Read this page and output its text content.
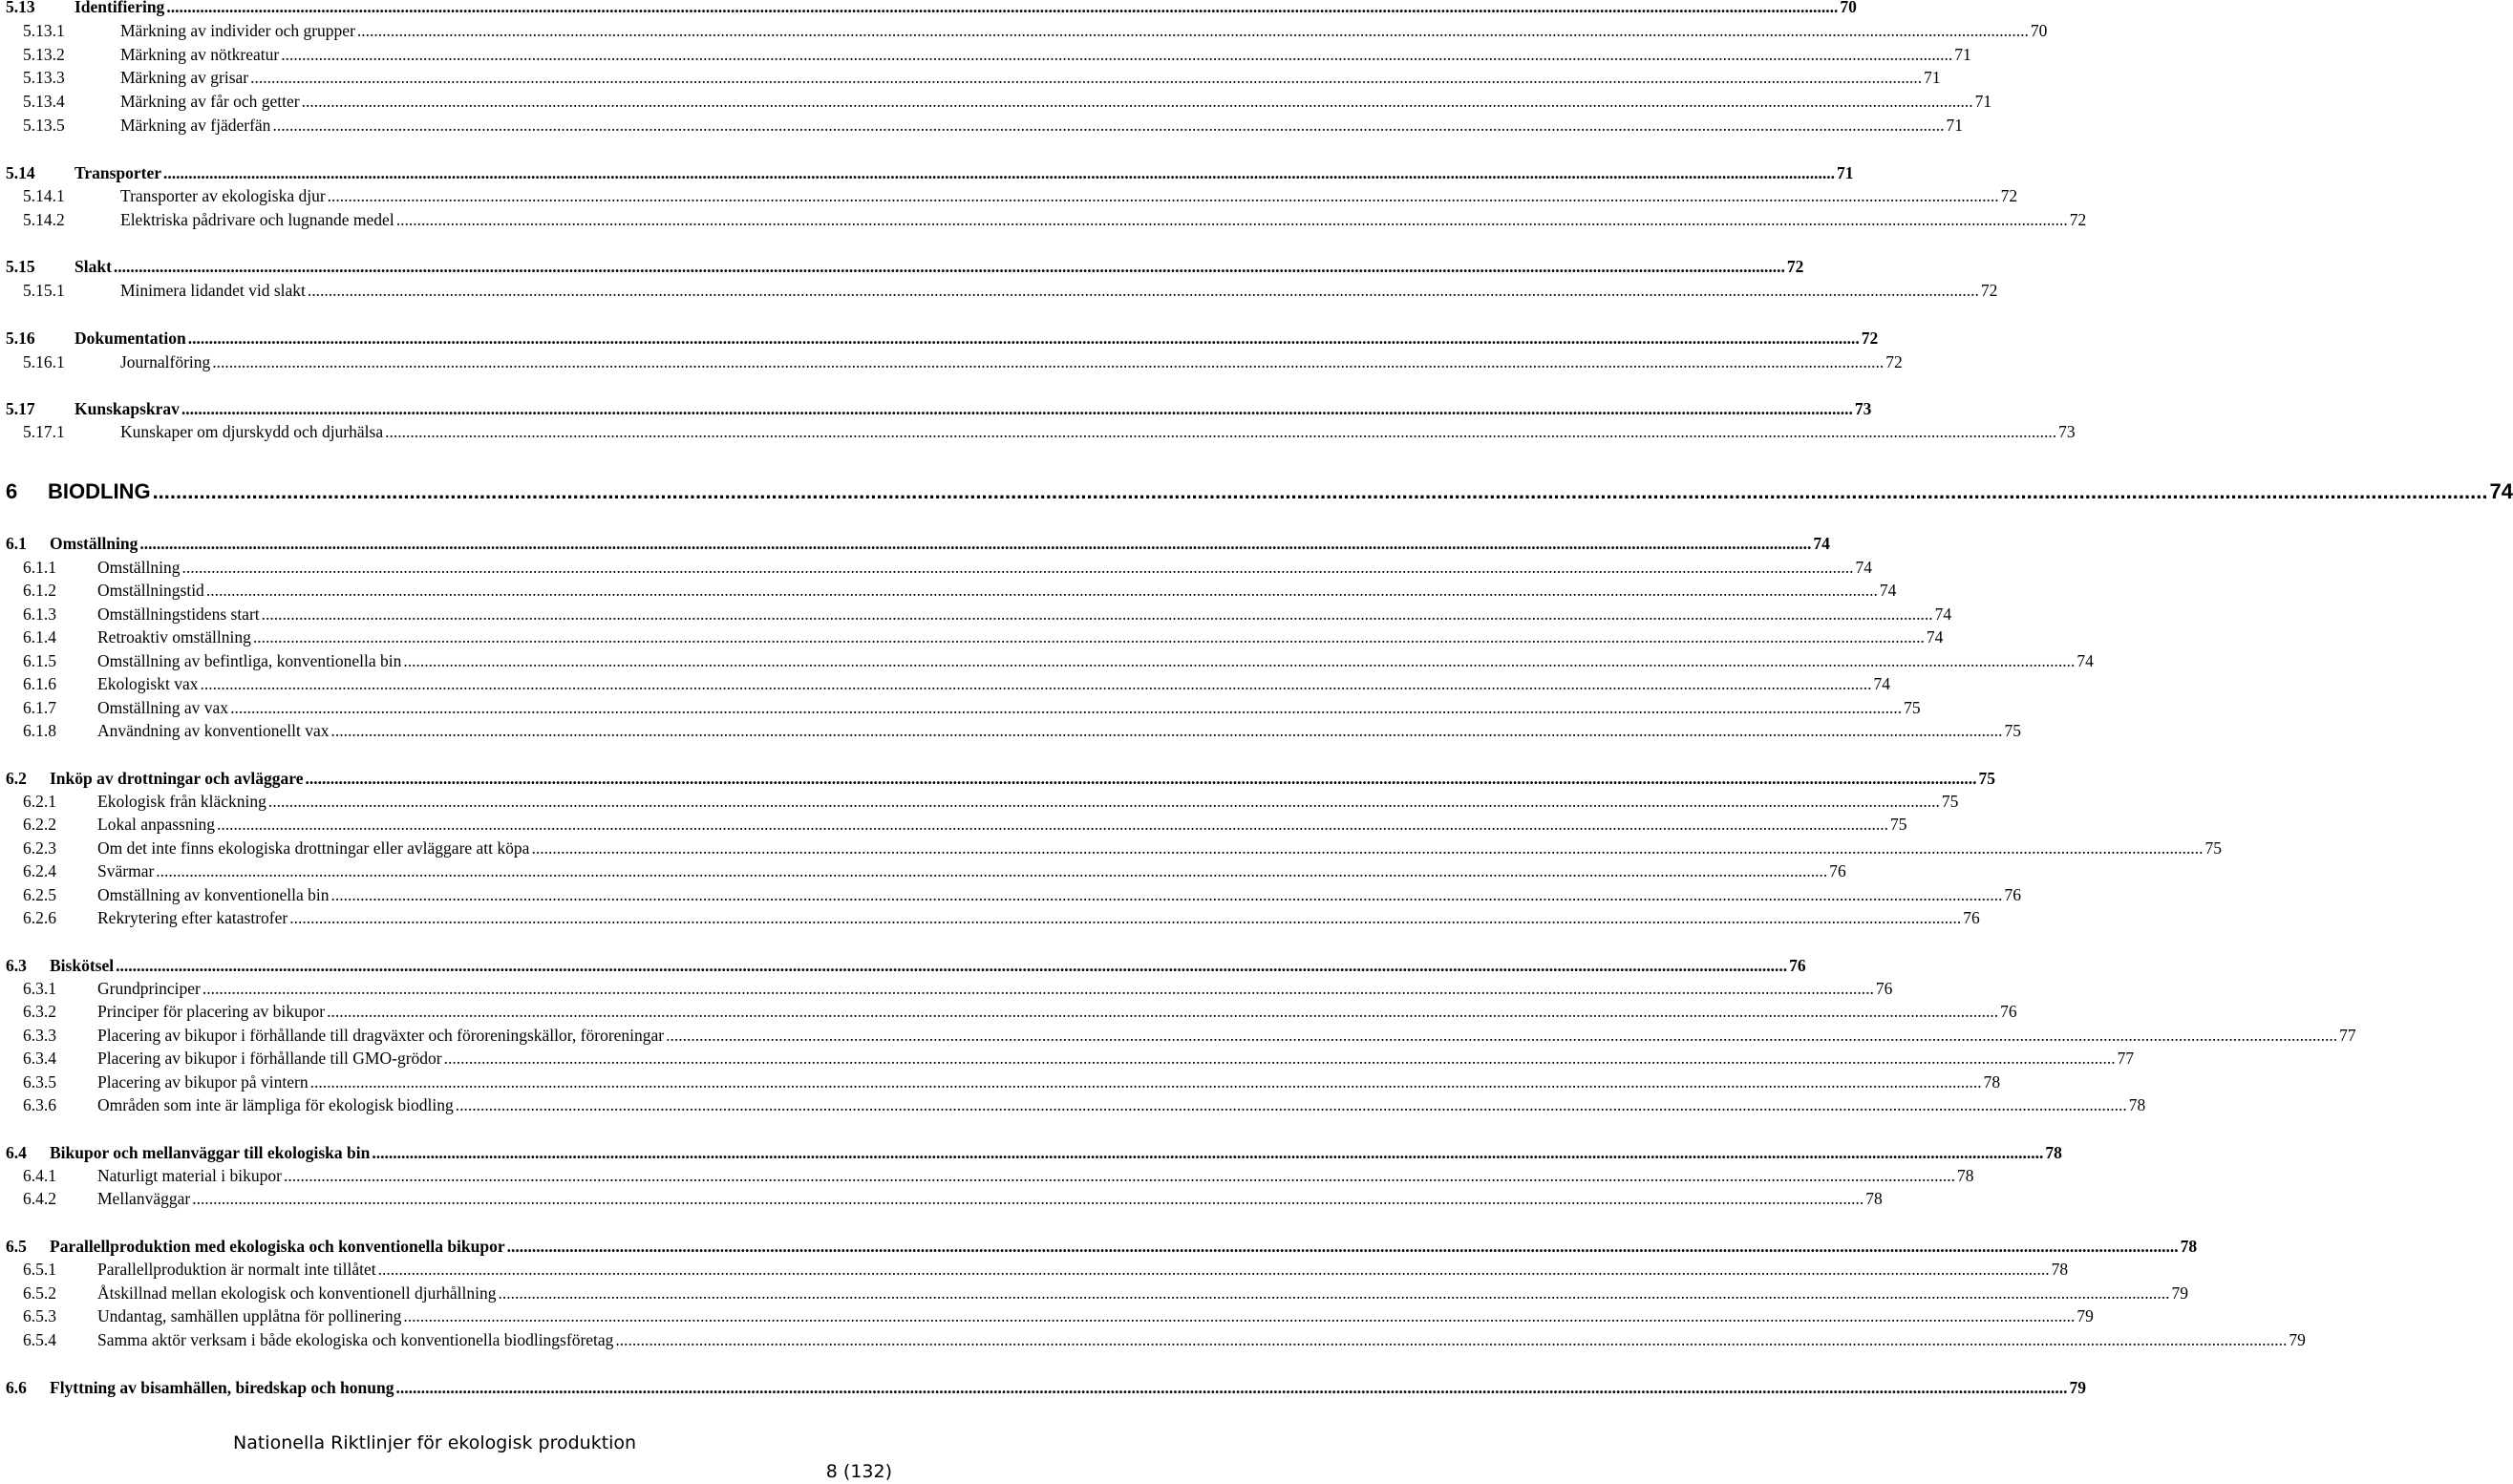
5.13	Identifiering ................................................................................................................................................................................................................................................................................................................................................................................................................ 70
5.13.1	Märkning av individer och grupper ................................................................................................................................................................................................................................................................................................................................................................................................................ 70
5.13.2	Märkning av nötkreatur ................................................................................................................................................................................................................................................................................................................................................................................................................ 71
5.13.3	Märkning av grisar ................................................................................................................................................................................................................................................................................................................................................................................................................ 71
5.13.4	Märkning av får och getter ................................................................................................................................................................................................................................................................................................................................................................................................................ 71
5.13.5	Märkning av fjäderfän ................................................................................................................................................................................................................................................................................................................................................................................................................ 71
5.14	Transporter ................................................................................................................................................................................................................................................................................................................................................................................................................ 71
5.14.1	Transporter av ekologiska djur ................................................................................................................................................................................................................................................................................................................................................................................................................ 72
5.14.2	Elektriska pådrivare och lugnande medel ................................................................................................................................................................................................................................................................................................................................................................................................................ 72
5.15	Slakt ................................................................................................................................................................................................................................................................................................................................................................................................................ 72
5.15.1	Minimera lidandet vid slakt ................................................................................................................................................................................................................................................................................................................................................................................................................ 72
5.16	Dokumentation ................................................................................................................................................................................................................................................................................................................................................................................................................ 72
5.16.1	Journalföring ................................................................................................................................................................................................................................................................................................................................................................................................................ 72
5.17	Kunskapskrav ................................................................................................................................................................................................................................................................................................................................................................................................................ 73
5.17.1	Kunskaper om djurskydd och djurhälsa ................................................................................................................................................................................................................................................................................................................................................................................................................ 73
6	BIODLING ................................................................................................................................................................................................................................................................................................................................................................................................................ 74
6.1	Omställning ................................................................................................................................................................................................................................................................................................................................................................................................................ 74
6.1.1	Omställning ................................................................................................................................................................................................................................................................................................................................................................................................................ 74
6.1.2	Omställningstid ................................................................................................................................................................................................................................................................................................................................................................................................................ 74
6.1.3	Omställningstidens start ................................................................................................................................................................................................................................................................................................................................................................................................................ 74
6.1.4	Retroaktiv omställning ................................................................................................................................................................................................................................................................................................................................................................................................................ 74
6.1.5	Omställning av befintliga, konventionella bin ................................................................................................................................................................................................................................................................................................................................................................................................................ 74
6.1.6	Ekologiskt vax ................................................................................................................................................................................................................................................................................................................................................................................................................ 74
6.1.7	Omställning av vax ................................................................................................................................................................................................................................................................................................................................................................................................................ 75
6.1.8	Användning av konventionellt vax ................................................................................................................................................................................................................................................................................................................................................................................................................ 75
6.2	Inköp av drottningar och avläggare ................................................................................................................................................................................................................................................................................................................................................................................................................ 75
6.2.1	Ekologisk från kläckning ................................................................................................................................................................................................................................................................................................................................................................................................................ 75
6.2.2	Lokal anpassning ................................................................................................................................................................................................................................................................................................................................................................................................................ 75
6.2.3	Om det inte finns ekologiska drottningar eller avläggare att köpa ................................................................................................................................................................................................................................................................................................................................................................................................................ 75
6.2.4	Svärmar ................................................................................................................................................................................................................................................................................................................................................................................................................ 76
6.2.5	Omställning av konventionella bin ................................................................................................................................................................................................................................................................................................................................................................................................................ 76
6.2.6	Rekrytering efter katastrofer ................................................................................................................................................................................................................................................................................................................................................................................................................ 76
6.3	Biskötsel ................................................................................................................................................................................................................................................................................................................................................................................................................ 76
6.3.1	Grundprinciper ................................................................................................................................................................................................................................................................................................................................................................................................................ 76
6.3.2	Principer för placering av bikupor ................................................................................................................................................................................................................................................................................................................................................................................................................ 76
6.3.3	Placering av bikupor i förhållande till dragväxter och föroreningskällor, föroreningar ................................................................................................................................................................................................................................................................................................................................................................................................................ 77
6.3.4	Placering av bikupor i förhållande till GMO-grödor ................................................................................................................................................................................................................................................................................................................................................................................................................ 77
6.3.5	Placering av bikupor på vintern ................................................................................................................................................................................................................................................................................................................................................................................................................ 78
6.3.6	Områden som inte är lämpliga för ekologisk biodling ................................................................................................................................................................................................................................................................................................................................................................................................................ 78
6.4	Bikupor och mellanväggar till ekologiska bin ................................................................................................................................................................................................................................................................................................................................................................................................................ 78
6.4.1	Naturligt material i bikupor ................................................................................................................................................................................................................................................................................................................................................................................................................ 78
6.4.2	Mellanväggar ................................................................................................................................................................................................................................................................................................................................................................................................................ 78
6.5	Parallellproduktion med ekologiska och konventionella bikupor ................................................................................................................................................................................................................................................................................................................................................................................................................ 78
6.5.1	Parallellproduktion är normalt inte tillåtet ................................................................................................................................................................................................................................................................................................................................................................................................................ 78
6.5.2	Åtskillnad mellan ekologisk och konventionell djurhållning ................................................................................................................................................................................................................................................................................................................................................................................................................ 79
6.5.3	Undantag, samhällen upplåtna för pollinering ................................................................................................................................................................................................................................................................................................................................................................................................................ 79
6.5.4	Samma aktör verksam i både ekologiska och konventionella biodlingsföretag ................................................................................................................................................................................................................................................................................................................................................................................................................ 79
6.6	Flyttning av bisamhällen, biredskap och honung ................................................................................................................................................................................................................................................................................................................................................................................................................ 79
Nationella Riktlinjer för ekologisk produktion
8 (132)
